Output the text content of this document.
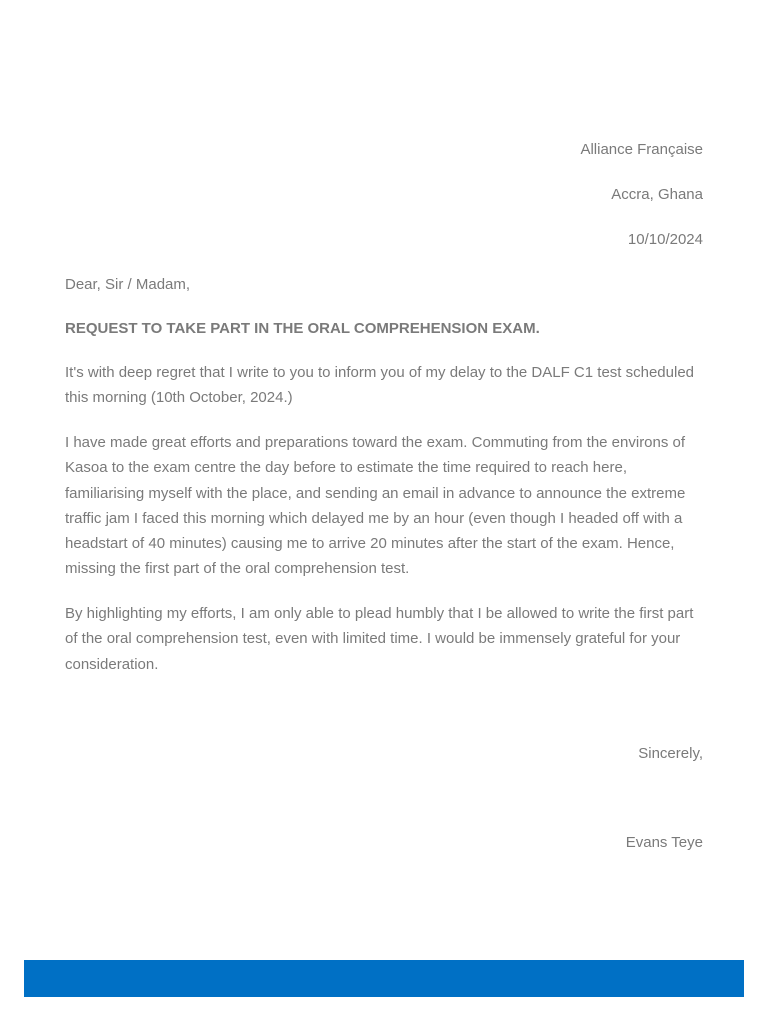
Alliance Française
Accra, Ghana
10/10/2024
Dear, Sir / Madam,
REQUEST TO TAKE PART IN THE ORAL COMPREHENSION EXAM.
It's with deep regret that I write to you to inform you of my delay to the DALF C1 test scheduled this morning (10th October, 2024.)
I have made great efforts and preparations toward the exam. Commuting from the environs of Kasoa to the exam centre the day before to estimate the time required to reach here, familiarising myself with the place, and sending an email in advance to announce the extreme traffic jam I faced this morning which delayed me by an hour (even though I headed off with a headstart of 40 minutes) causing me to arrive 20 minutes after the start of the exam. Hence, missing the first part of the oral comprehension test.
By highlighting my efforts, I am only able to plead humbly that I be allowed to write the first part of the oral comprehension test, even with limited time. I would be immensely grateful for your consideration.
Sincerely,
Evans Teye
